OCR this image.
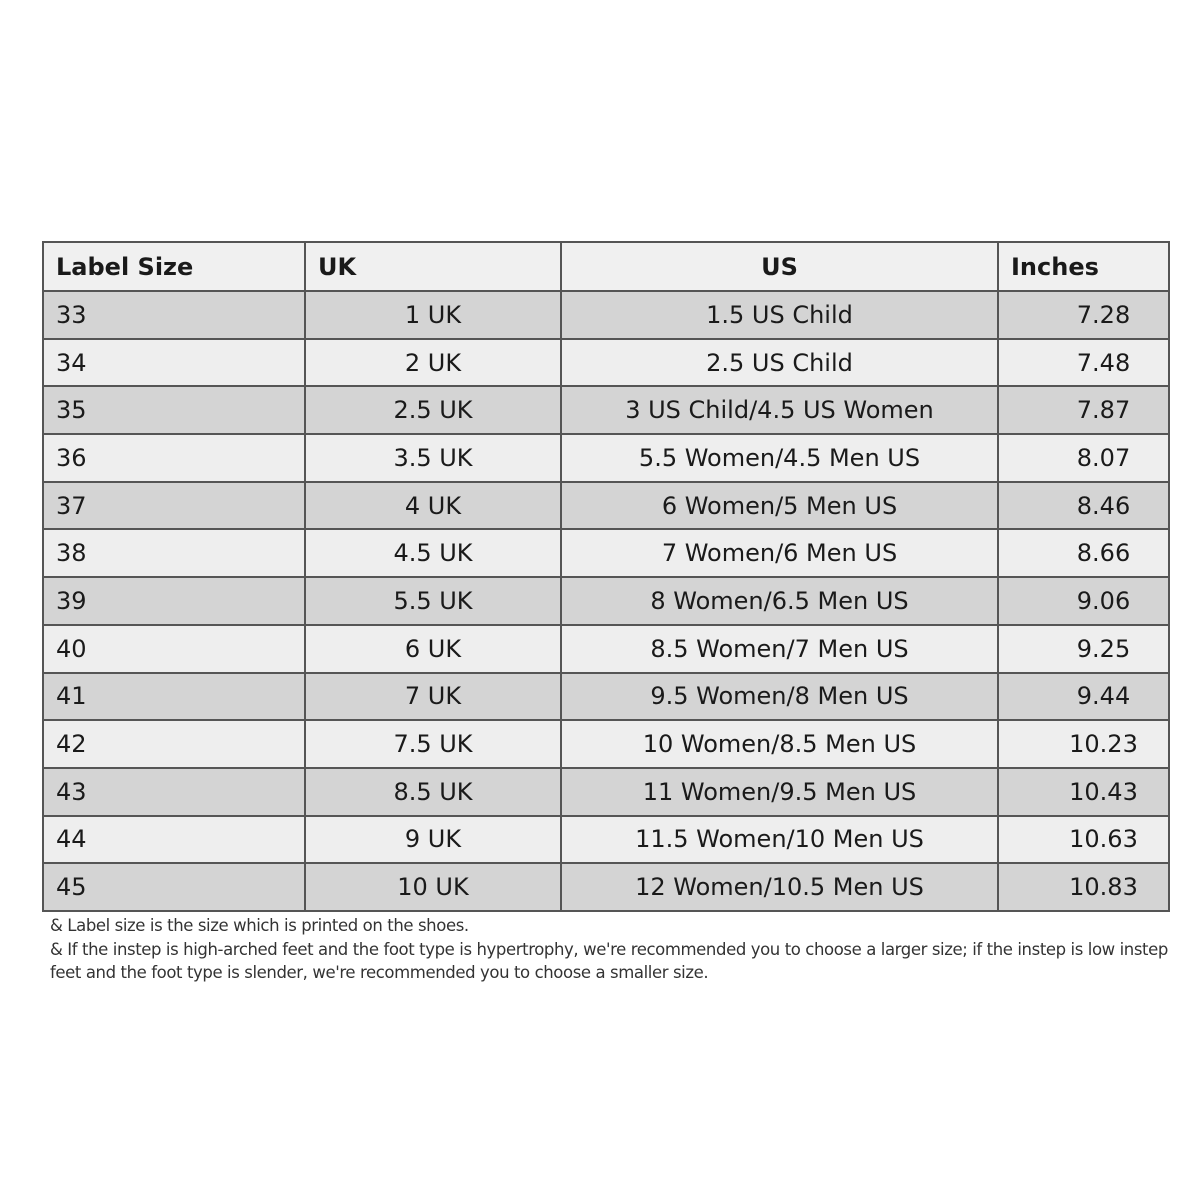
Label Size	UK	US	Inches
33	1 UK	1.5 US Child	7.28
34	2 UK	2.5 US Child	7.48
35	2.5 UK	3 US Child/4.5 US Women	7.87
36	3.5 UK	5.5 Women/4.5 Men US	8.07
37	4 UK	6 Women/5 Men US	8.46
38	4.5 UK	7 Women/6 Men US	8.66
39	5.5 UK	8 Women/6.5 Men US	9.06
40	6 UK	8.5 Women/7 Men US	9.25
41	7 UK	9.5 Women/8 Men US	9.44
42	7.5 UK	10 Women/8.5 Men US	10.23
43	8.5 UK	11 Women/9.5 Men US	10.43
44	9 UK	11.5 Women/10 Men US	10.63
45	10 UK	12 Women/10.5 Men US	10.83

& Label size is the size which is printed on the shoes.

& If the instep is high-arched feet and the foot type is hypertrophy, we're recommended you to choose a larger size; if the instep is low instep feet and the foot type is slender, we're recommended you to choose a smaller size.
